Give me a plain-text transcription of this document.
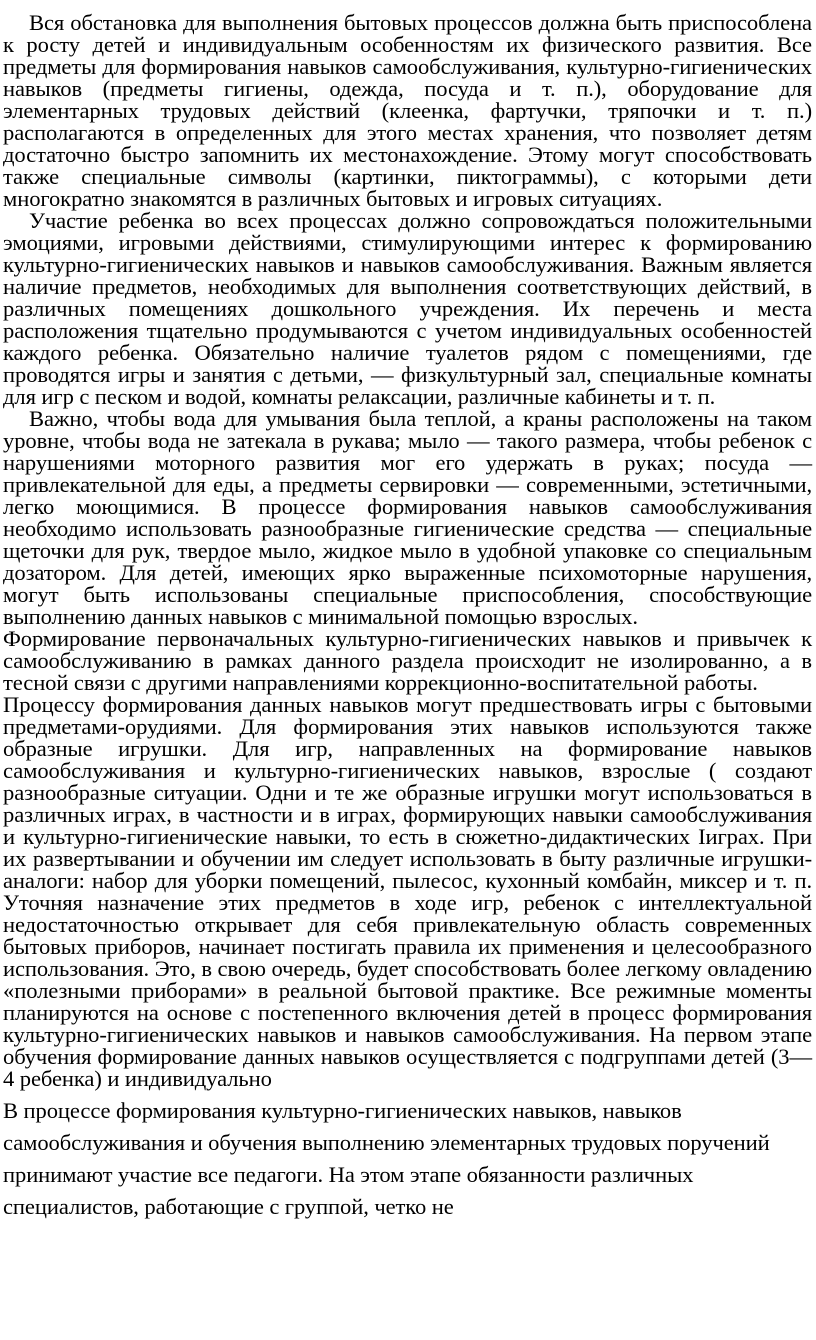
Вся обстановка для выполнения бытовых процессов должна быть приспособлена к росту детей и индивидуальным особенностям их физического развития. Все предметы для формирования навыков самообслуживания, культурно-гигиенических навыков (предметы гигиены, одежда, посуда и т. п.), оборудование для элементарных трудовых действий (клеенка, фартучки, тряпочки и т. п.) располагаются в определенных для этого местах хранения, что позволяет детям достаточно быстро запомнить их местонахождение. Этому могут способствовать также специальные символы (картинки, пиктограммы), с которыми дети многократно знакомятся в различных бытовых и игровых ситуациях.

Участие ребенка во всех процессах должно сопровождаться положительными эмоциями, игровыми действиями, стимулирующими интерес к формированию культурно-гигиенических навыков и навыков самообслуживания. Важным является наличие предметов, необходимых для выполнения соответствующих действий, в различных помещениях дошкольного учреждения. Их перечень и места расположения тщательно продумываются с учетом индивидуальных особенностей каждого ребенка. Обязательно наличие туалетов рядом с помещениями, где проводятся игры и занятия с детьми, — физкультурный зал, специальные комнаты для игр с песком и водой, комнаты релаксации, различные кабинеты и т. п.

Важно, чтобы вода для умывания была теплой, а краны расположены на таком уровне, чтобы вода не затекала в рукава; мыло — такого размера, чтобы ребенок с нарушениями моторного развития мог его удержать в руках; посуда — привлекательной для еды, а предметы сервировки — современными, эстетичными, легко моющимися. В процессе формирования навыков самообслуживания необходимо использовать разнообразные гигиенические средства — специальные щеточки для рук, твердое мыло, жидкое мыло в удобной упаковке со специальным дозатором. Для детей, имеющих ярко выраженные психомоторные нарушения, могут быть использованы специальные приспособления, способствующие выполнению данных навыков с минимальной помощью взрослых.

Формирование первоначальных культурно-гигиенических навыков и привычек к самообслуживанию в рамках данного раздела происходит не изолированно, а в тесной связи с другими направлениями коррекционно-воспитательной работы.

Процессу формирования данных навыков могут предшествовать игры с бытовыми предметами-орудиями. Для формирования этих навыков используются также образные игрушки. Для игр, направленных на формирование навыков самообслуживания и культурно-гигиенических навыков, взрослые ( создают разнообразные ситуации. Одни и те же образные игрушки могут использоваться в различных играх, в частности и в играх, формирующих навыки самообслуживания и культурно-гигиенические навыки, то есть в сюжетно-дидактических Iиграх. При их развертывании и обучении им следует использовать в быту различные игрушки-аналоги: набор для уборки помещений, пылесос, кухонный комбайн, миксер и т. п. Уточняя назначение этих предметов в ходе игр, ребенок с интеллектуальной недостаточностью открывает для себя привлекательную область современных бытовых приборов, начинает постигать правила их применения и целесообразного использования. Это, в свою очередь, будет способствовать более легкому овладению «полезными приборами» в реальной бытовой практике. Все режимные моменты планируются на основе с постепенного включения детей в процесс формирования культурно-гигиенических навыков и навыков самообслуживания. На первом этапе обучения формирование данных навыков осуществляется с подгруппами детей (3—4 ребенка) и индивидуально

В процессе формирования культурно-гигиенических навыков, навыков самообслуживания и обучения выполнению элементарных трудовых поручений принимают участие все педагоги. На этом этапе обязанности различных специалистов, работающие с группой, четко не
